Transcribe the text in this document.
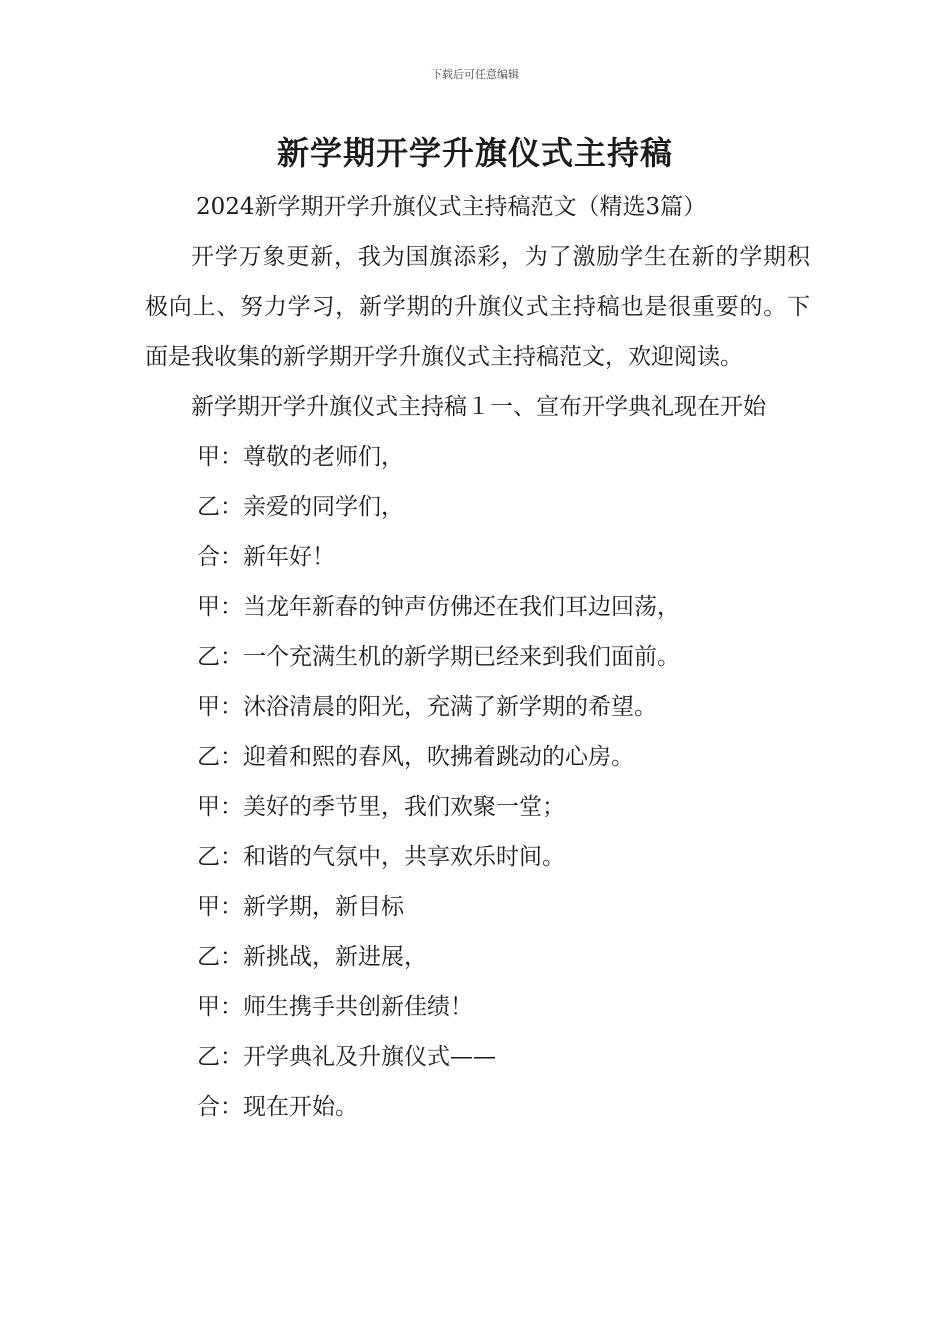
下载后可任意编辑
新学期开学升旗仪式主持稿

2024新学期开学升旗仪式主持稿范文（精选3篇）

开学万象更新，我为国旗添彩，为了激励学生在新的学期积极向上、努力学习，新学期的升旗仪式主持稿也是很重要的。下面是我收集的新学期开学升旗仪式主持稿范文，欢迎阅读。

新学期开学升旗仪式主持稿１一、宣布开学典礼现在开始

甲：尊敬的老师们，

乙：亲爱的同学们，

合：新年好！

甲：当龙年新春的钟声仿佛还在我们耳边回荡，

乙：一个充满生机的新学期已经来到我们面前。

甲：沐浴清晨的阳光，充满了新学期的希望。

乙：迎着和熙的春风，吹拂着跳动的心房。

甲：美好的季节里，我们欢聚一堂；

乙：和谐的气氛中，共享欢乐时间。

甲：新学期，新目标

乙：新挑战，新进展，

甲：师生携手共创新佳绩！

乙：开学典礼及升旗仪式——

合：现在开始。
